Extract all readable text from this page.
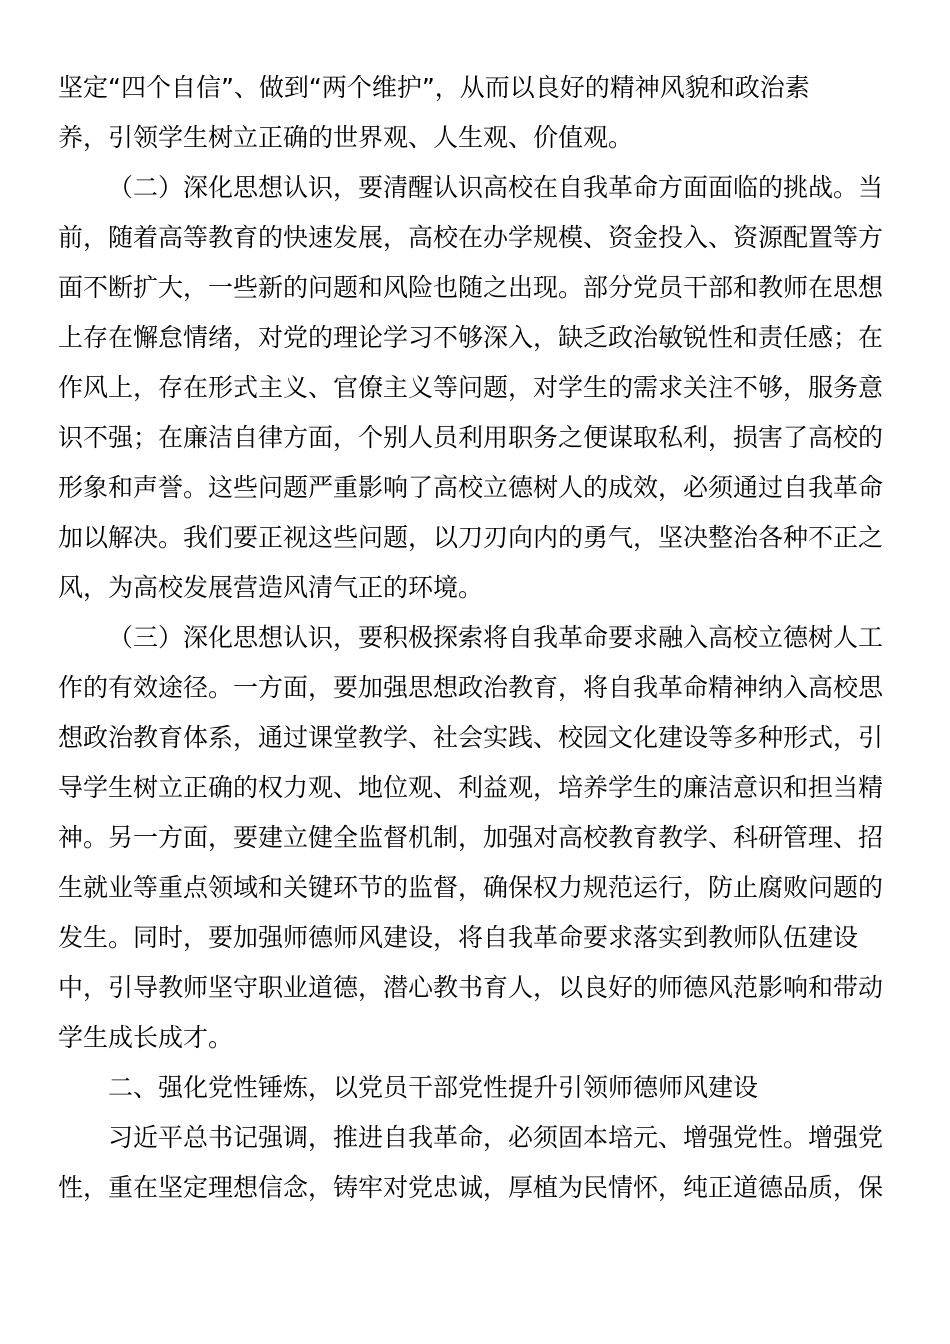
坚定“四个自信”、做到“两个维护”，从而以良好的精神风貌和政治素
养，引领学生树立正确的世界观、人生观、价值观。
（二）深化思想认识，要清醒认识高校在自我革命方面面临的挑战。当
前，随着高等教育的快速发展，高校在办学规模、资金投入、资源配置等方
面不断扩大，一些新的问题和风险也随之出现。部分党员干部和教师在思想
上存在懈怠情绪，对党的理论学习不够深入，缺乏政治敏锐性和责任感；在
作风上，存在形式主义、官僚主义等问题，对学生的需求关注不够，服务意
识不强；在廉洁自律方面，个别人员利用职务之便谋取私利，损害了高校的
形象和声誉。这些问题严重影响了高校立德树人的成效，必须通过自我革命
加以解决。我们要正视这些问题，以刀刃向内的勇气，坚决整治各种不正之
风，为高校发展营造风清气正的环境。
（三）深化思想认识，要积极探索将自我革命要求融入高校立德树人工
作的有效途径。一方面，要加强思想政治教育，将自我革命精神纳入高校思
想政治教育体系，通过课堂教学、社会实践、校园文化建设等多种形式，引
导学生树立正确的权力观、地位观、利益观，培养学生的廉洁意识和担当精
神。另一方面，要建立健全监督机制，加强对高校教育教学、科研管理、招
生就业等重点领域和关键环节的监督，确保权力规范运行，防止腐败问题的
发生。同时，要加强师德师风建设，将自我革命要求落实到教师队伍建设
中，引导教师坚守职业道德，潜心教书育人，以良好的师德风范影响和带动
学生成长成才。
二、强化党性锤炼，以党员干部党性提升引领师德师风建设
习近平总书记强调，推进自我革命，必须固本培元、增强党性。增强党
性，重在坚定理想信念，铸牢对党忠诚，厚植为民情怀，纯正道德品质，保
